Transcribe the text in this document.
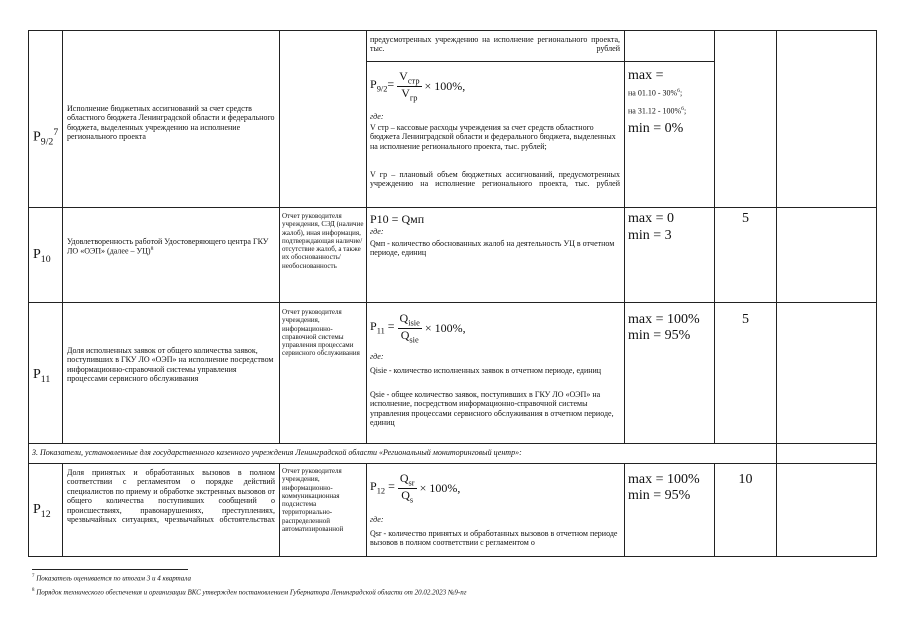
предусмотренных учреждению на исполнение регионального проекта, тыс. рублей
$P_{9/2}^7$
Исполнение бюджетных ассигнований за счет средств областного бюджета Ленинградской области и федерального бюджета, выделенных учреждению на исполнение регионального проекта
$P_{9/2}= \frac{V_{стр}}{V_{гр}} \times 100\%$,
где:
V стр – кассовые расходы учреждения за счет средств областного бюджета Ленинградской области и федерального бюджета, выделенных на исполнение регионального проекта, тыс. рублей;
V гр – плановый объем бюджетных ассигнований, предусмотренных учреждению на исполнение регионального проекта, тыс. рублей
max =
на 01.10 - 30%$^6$;
на 31.12 - 100%$^6$;
min = 0%
$P_{10}$
Удовлетворенность работой Удостоверяющего центра ГКУ ЛО «ОЭП» (далее – УЦ)$^8$
Отчет руководителя учреждения, СЭД (наличие жалоб), иная информация, подтверждающая наличие/отсутствие жалоб, а также их обоснованность/необоснованность
P10 = Qмп
где:
Qмп - количество обоснованных жалоб на деятельность УЦ в отчетном периоде, единиц
max = 0
min = 3
5
$P_{11}$
Доля исполненных заявок от общего количества заявок, поступивших в ГКУ ЛО «ОЭП» на исполнение посредством информационно-справочной системы управления процессами сервисного обслуживания
Отчет руководителя учреждения, информационно-справочной системы управления процессами сервисного обслуживания
$P_{11} = \frac{Q_{isie}}{Q_{sie}} \times 100\%$,
где:
Qisie - количество исполненных заявок в отчетном периоде, единиц
Qsie - общее количество заявок, поступивших в ГКУ ЛО «ОЭП» на исполнение, посредством информационно-справочной системы управления процессами сервисного обслуживания в отчетном периоде, единиц
max = 100%
min = 95%
5
3. Показатели, установленные для государственного казенного учреждения Ленинградской области «Региональный мониторинговый центр»:
$P_{12}$
Доля принятых и обработанных вызовов в полном соответствии с регламентом о порядке действий специалистов по приему и обработке экстренных вызовов от общего количества поступивших сообщений о происшествиях, правонарушениях, преступлениях, чрезвычайных ситуациях, чрезвычайных обстоятельствах
Отчет руководителя учреждения, информационно-коммуникационная подсистема территориально-распределенной автоматизированной
$P_{12} = \frac{Q_{sr}}{Q_s} \times 100\%$,
где:
Qsr - количество принятых и обработанных вызовов в отчетном периоде вызовов в полном соответствии с регламентом о
max = 100%
min = 95%
10
$^7$ Показатель оценивается по итогам 3 и 4 квартала
$^8$ Порядок технического обеспечения и организации ВКС утвержден постановлением Губернатора Ленинградской области от 20.02.2023 №9-пг
